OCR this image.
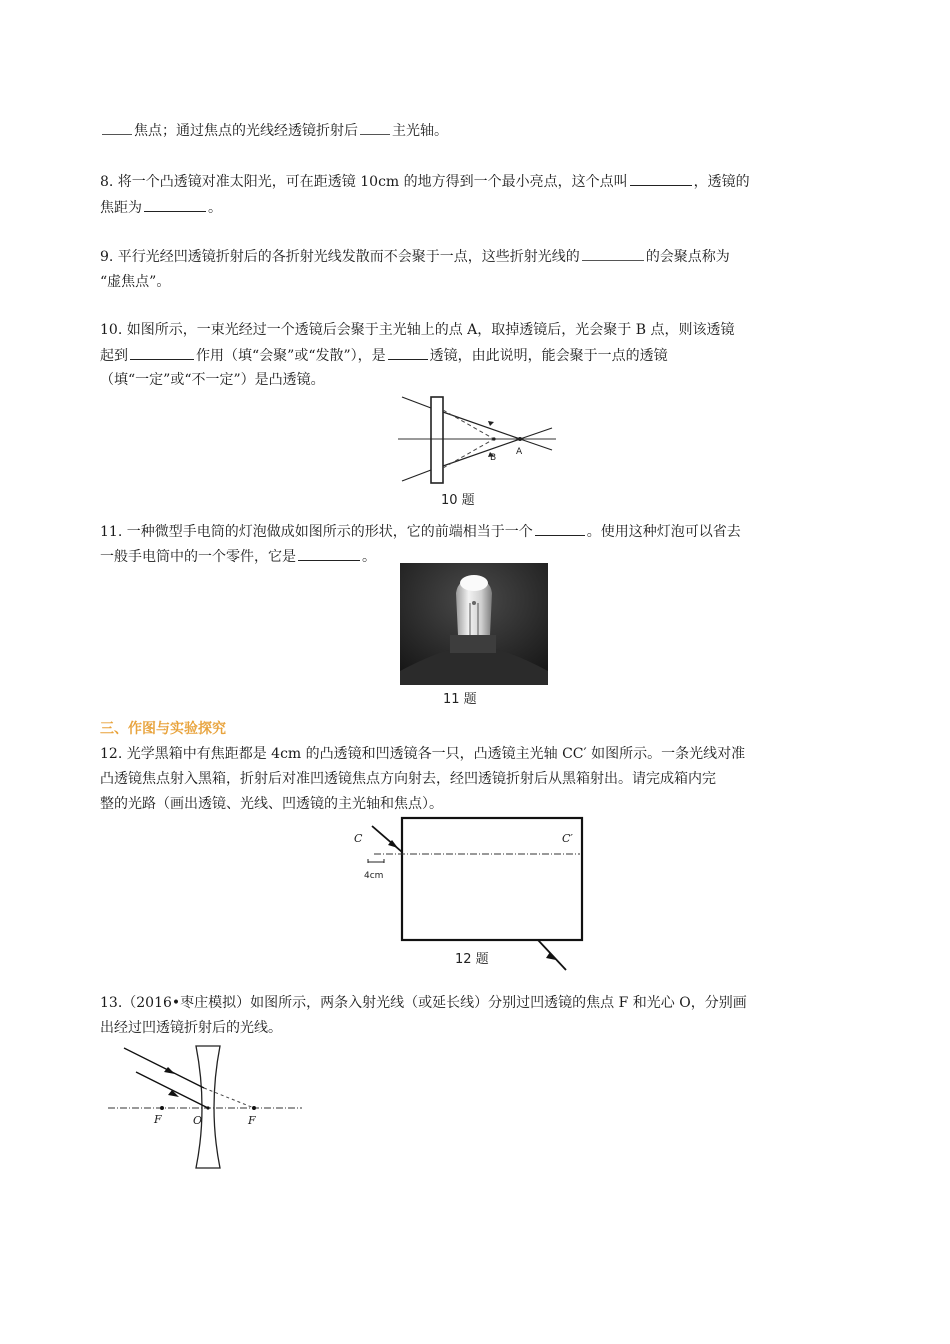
焦点；通过焦点的光线经透镜折射后 主光轴。
8. 将一个凸透镜对准太阳光，可在距透镜 10cm 的地方得到一个最小亮点，这个点叫	，透镜的
焦距为	。
9. 平行光经凹透镜折射后的各折射光线发散而不会聚于一点，这些折射光线的	的会聚点称为
“虚焦点”。
10. 如图所示，一束光经过一个透镜后会聚于主光轴上的点 A，取掉透镜后，光会聚于 B 点，则该透镜
起到	作用（填“会聚”或“发散”），是	透镜，由此说明，能会聚于一点的透镜
（填“一定”或“不一定”）是凸透镜。
A
B
10 题
11. 一种微型手电筒的灯泡做成如图所示的形状，它的前端相当于一个	。使用这种灯泡可以省去
一般手电筒中的一个零件，它是	。
11 题
三、作图与实验探究
12. 光学黑箱中有焦距都是 4cm 的凸透镜和凹透镜各一只，凸透镜主光轴 CC′ 如图所示。一条光线对准
凸透镜焦点射入黑箱，折射后对准凹透镜焦点方向射去，经凹透镜折射后从黑箱射出。请完成箱内完
整的光路（画出透镜、光线、凹透镜的主光轴和焦点）。
C	C′
4cm
12 题
13.（2016•枣庄模拟）如图所示，两条入射光线（或延长线）分别过凹透镜的焦点 F 和光心 O，分别画
出经过凹透镜折射后的光线。
F	O	F
